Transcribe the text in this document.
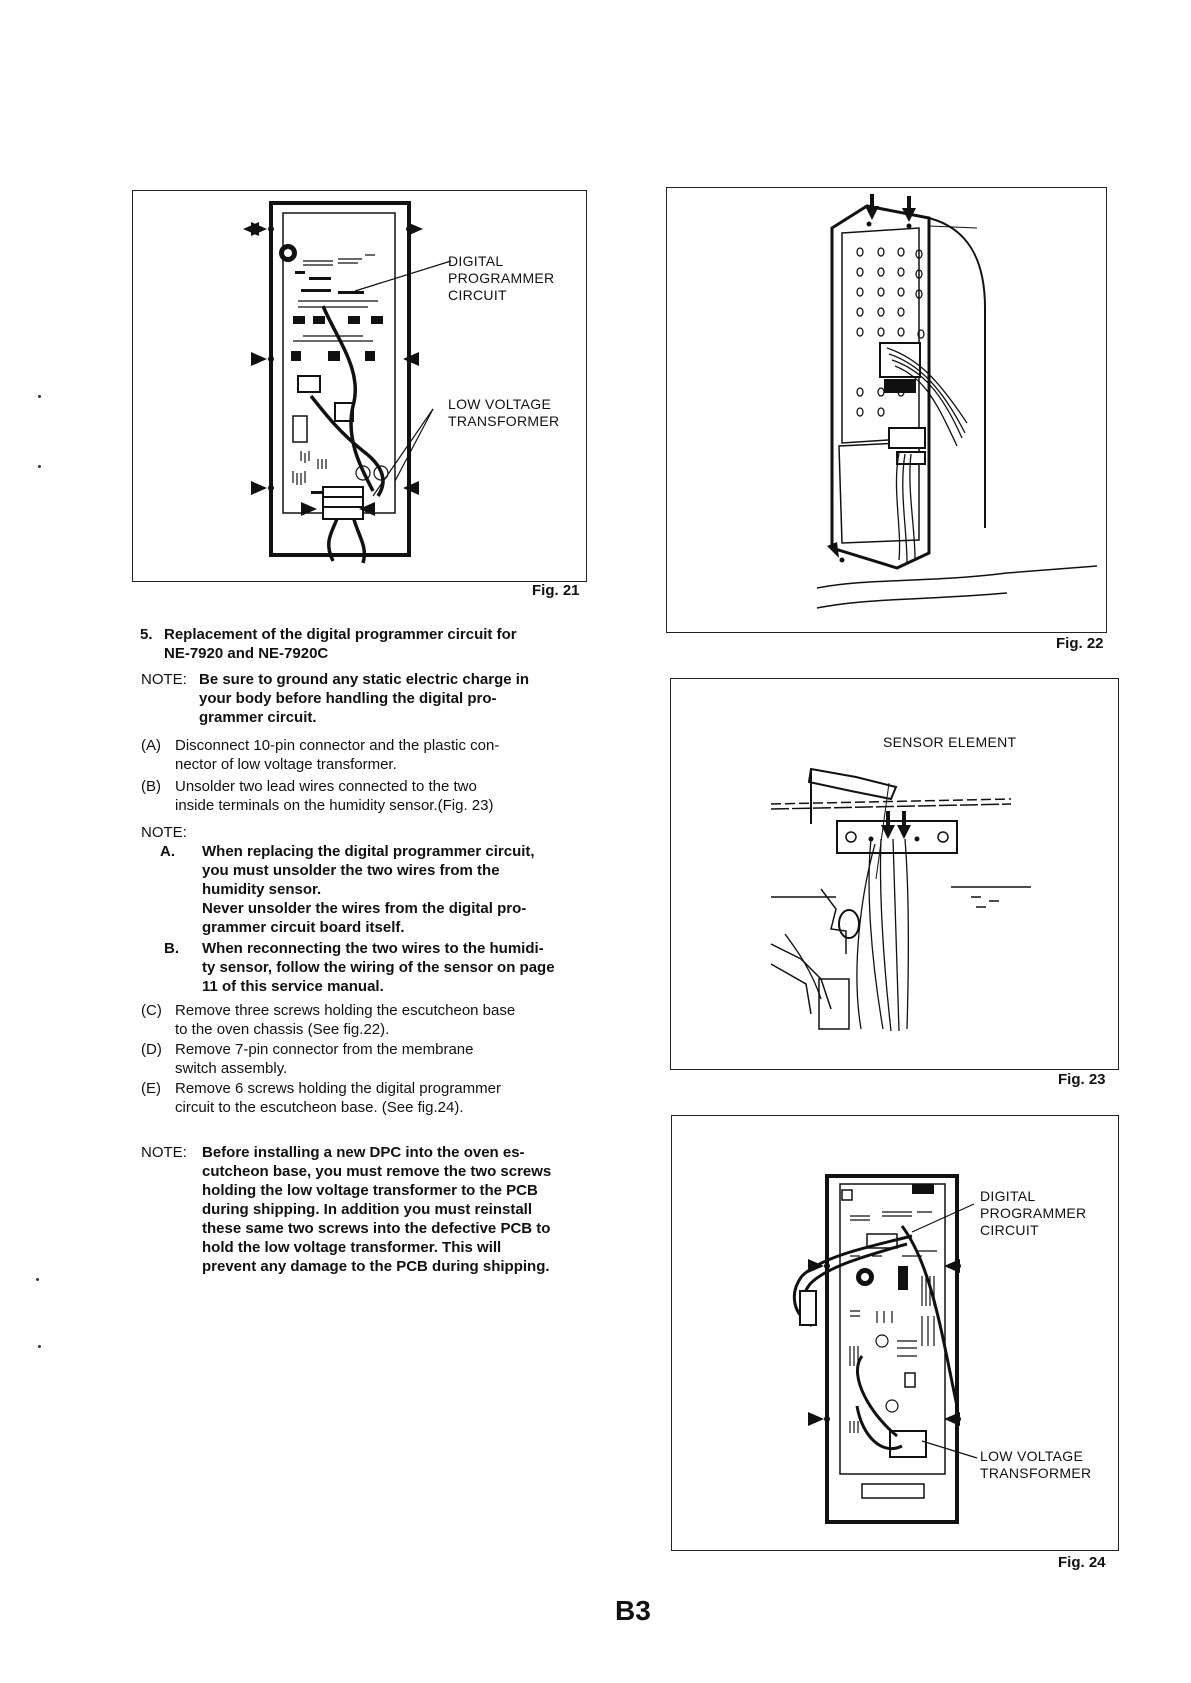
DIGITAL
PROGRAMMER
CIRCUIT
LOW VOLTAGE
TRANSFORMER
Fig. 21
Fig. 22
SENSOR ELEMENT
Fig. 23
DIGITAL
PROGRAMMER
CIRCUIT
LOW VOLTAGE
TRANSFORMER
Fig. 24
5. Replacement of the digital programmer circuit for
NE-7920 and NE-7920C
NOTE: Be sure to ground any static electric charge in
your body before handling the digital pro-
grammer circuit.
(A) Disconnect 10-pin connector and the plastic con-
nector of low voltage transformer.
(B) Unsolder two lead wires connected to the two
inside terminals on the humidity sensor.(Fig. 23)
NOTE:
A. When replacing the digital programmer circuit,
you must unsolder the two wires from the
humidity sensor.
Never unsolder the wires from the digital pro-
grammer circuit board itself.
B. When reconnecting the two wires to the humidi-
ty sensor, follow the wiring of the sensor on page
11 of this service manual.
(C) Remove three screws holding the escutcheon base
to the oven chassis (See fig.22).
(D) Remove 7-pin connector from the membrane
switch assembly.
(E) Remove 6 screws holding the digital programmer
circuit to the escutcheon base. (See fig.24).
NOTE: Before installing a new DPC into the oven es-
cutcheon base, you must remove the two screws
holding the low voltage transformer to the PCB
during shipping. In addition you must reinstall
these same two screws into the defective PCB to
hold the low voltage transformer. This will
prevent any damage to the PCB during shipping.
B3
